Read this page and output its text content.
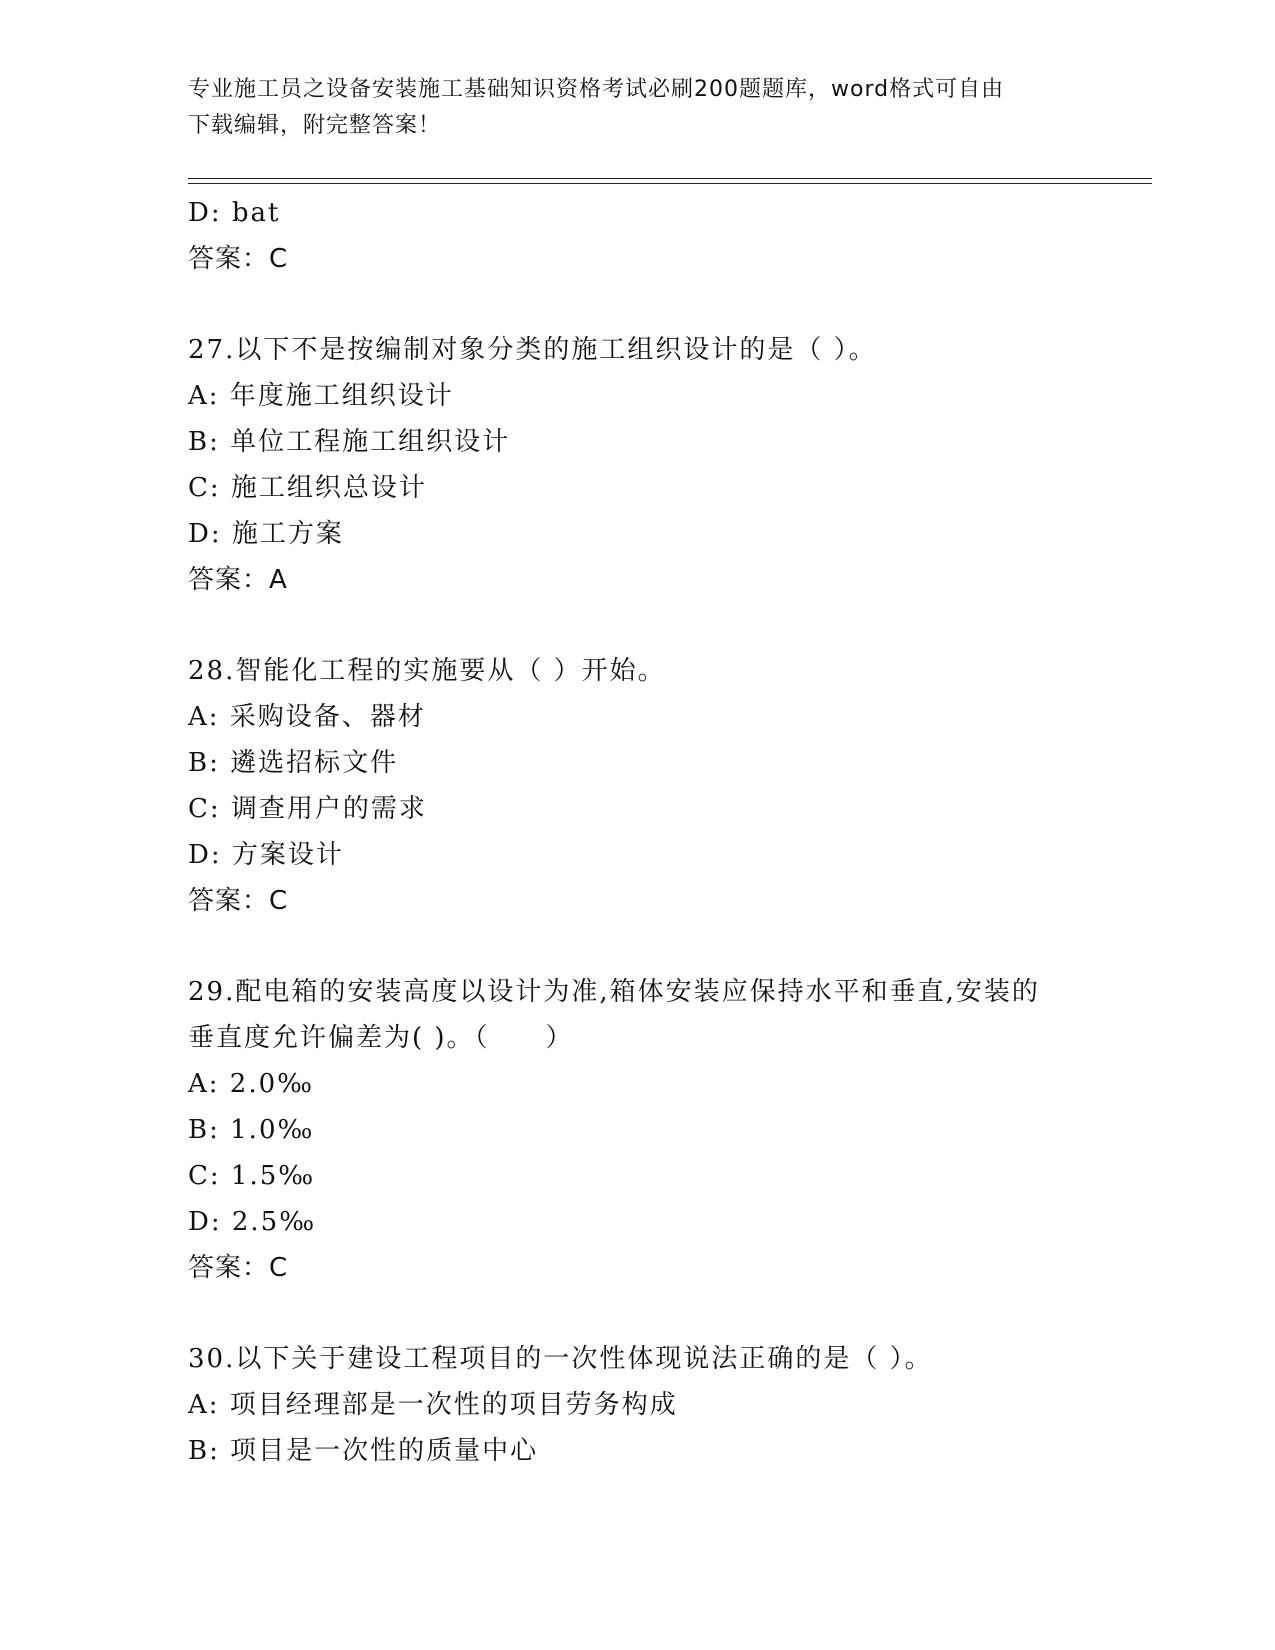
专业施工员之设备安装施工基础知识资格考试必刷200题题库，word格式可自由
下载编辑，附完整答案！
D: bat
答案：C
27.以下不是按编制对象分类的施工组织设计的是（ ）。
A: 年度施工组织设计
B: 单位工程施工组织设计
C: 施工组织总设计
D: 施工方案
答案：A
28.智能化工程的实施要从（ ）开始。
A: 采购设备、器材
B: 遴选招标文件
C: 调查用户的需求
D: 方案设计
答案：C
29.配电箱的安装高度以设计为准,箱体安装应保持水平和垂直,安装的
垂直度允许偏差为( )。（　　）
A: 2.0‰
B: 1.0‰
C: 1.5‰
D: 2.5‰
答案：C
30.以下关于建设工程项目的一次性体现说法正确的是（ ）。
A: 项目经理部是一次性的项目劳务构成
B: 项目是一次性的质量中心
